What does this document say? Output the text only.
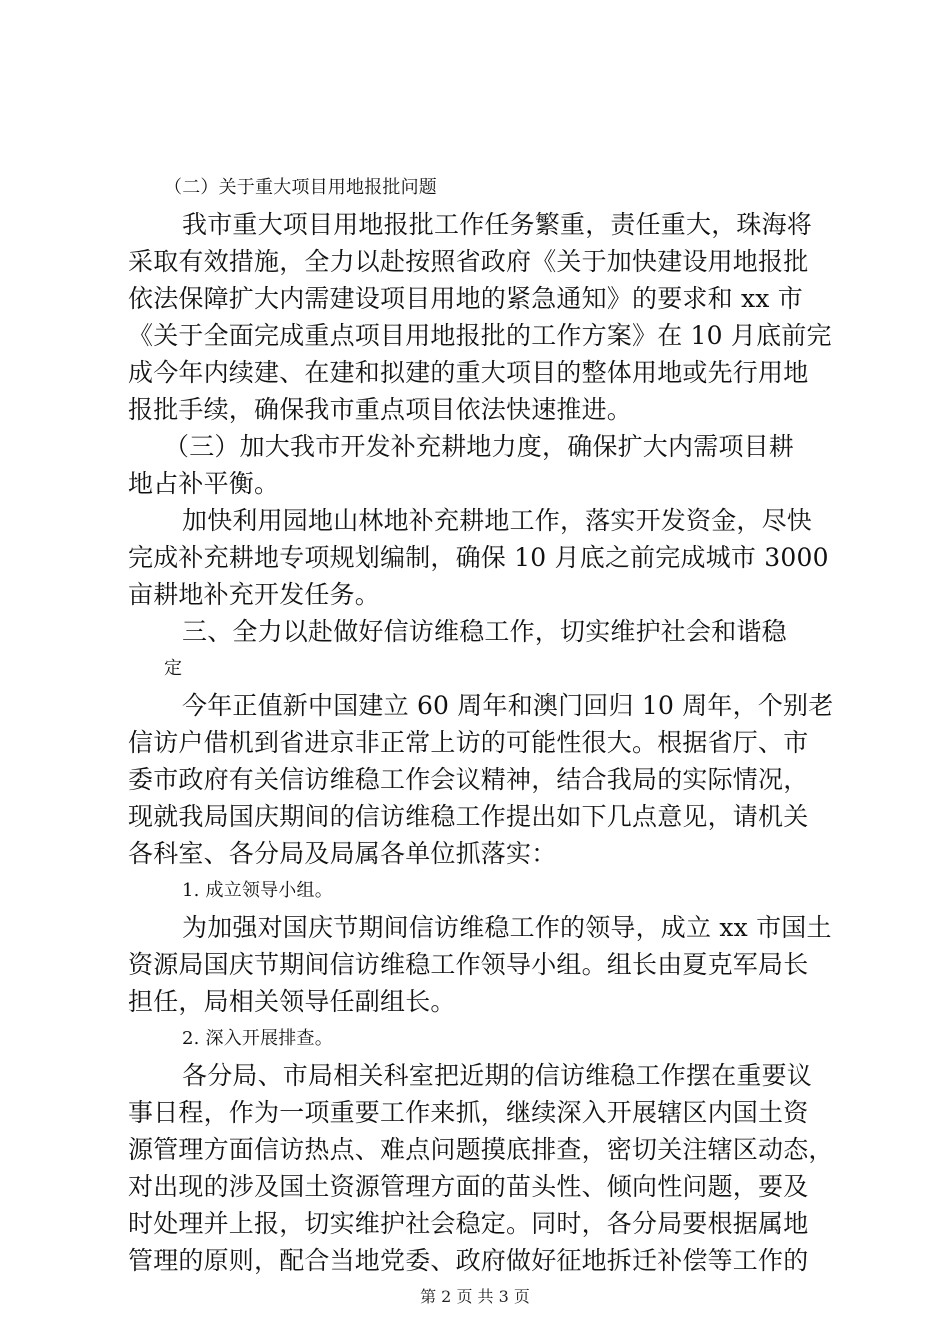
（二）关于重大项目用地报批问题
我市重大项目用地报批工作任务繁重，责任重大，珠海将
采取有效措施，全力以赴按照省政府《关于加快建设用地报批
依法保障扩大内需建设项目用地的紧急通知》的要求和 xx 市
《关于全面完成重点项目用地报批的工作方案》在 10 月底前完
成今年内续建、在建和拟建的重大项目的整体用地或先行用地
报批手续，确保我市重点项目依法快速推进。
（三）加大我市开发补充耕地力度，确保扩大内需项目耕
地占补平衡。
加快利用园地山林地补充耕地工作，落实开发资金，尽快
完成补充耕地专项规划编制，确保 10 月底之前完成城市 3000
亩耕地补充开发任务。
三、全力以赴做好信访维稳工作，切实维护社会和谐稳
定
今年正值新中国建立 60 周年和澳门回归 10 周年，个别老
信访户借机到省进京非正常上访的可能性很大。根据省厅、市
委市政府有关信访维稳工作会议精神，结合我局的实际情况，
现就我局国庆期间的信访维稳工作提出如下几点意见，请机关
各科室、各分局及局属各单位抓落实：
1. 成立领导小组。
为加强对国庆节期间信访维稳工作的领导，成立 xx 市国土
资源局国庆节期间信访维稳工作领导小组。组长由夏克军局长
担任，局相关领导任副组长。
2. 深入开展排查。
各分局、市局相关科室把近期的信访维稳工作摆在重要议
事日程，作为一项重要工作来抓，继续深入开展辖区内国土资
源管理方面信访热点、难点问题摸底排查，密切关注辖区动态，
对出现的涉及国土资源管理方面的苗头性、倾向性问题，要及
时处理并上报，切实维护社会稳定。同时，各分局要根据属地
管理的原则，配合当地党委、政府做好征地拆迁补偿等工作的
第 2 页 共 3 页
